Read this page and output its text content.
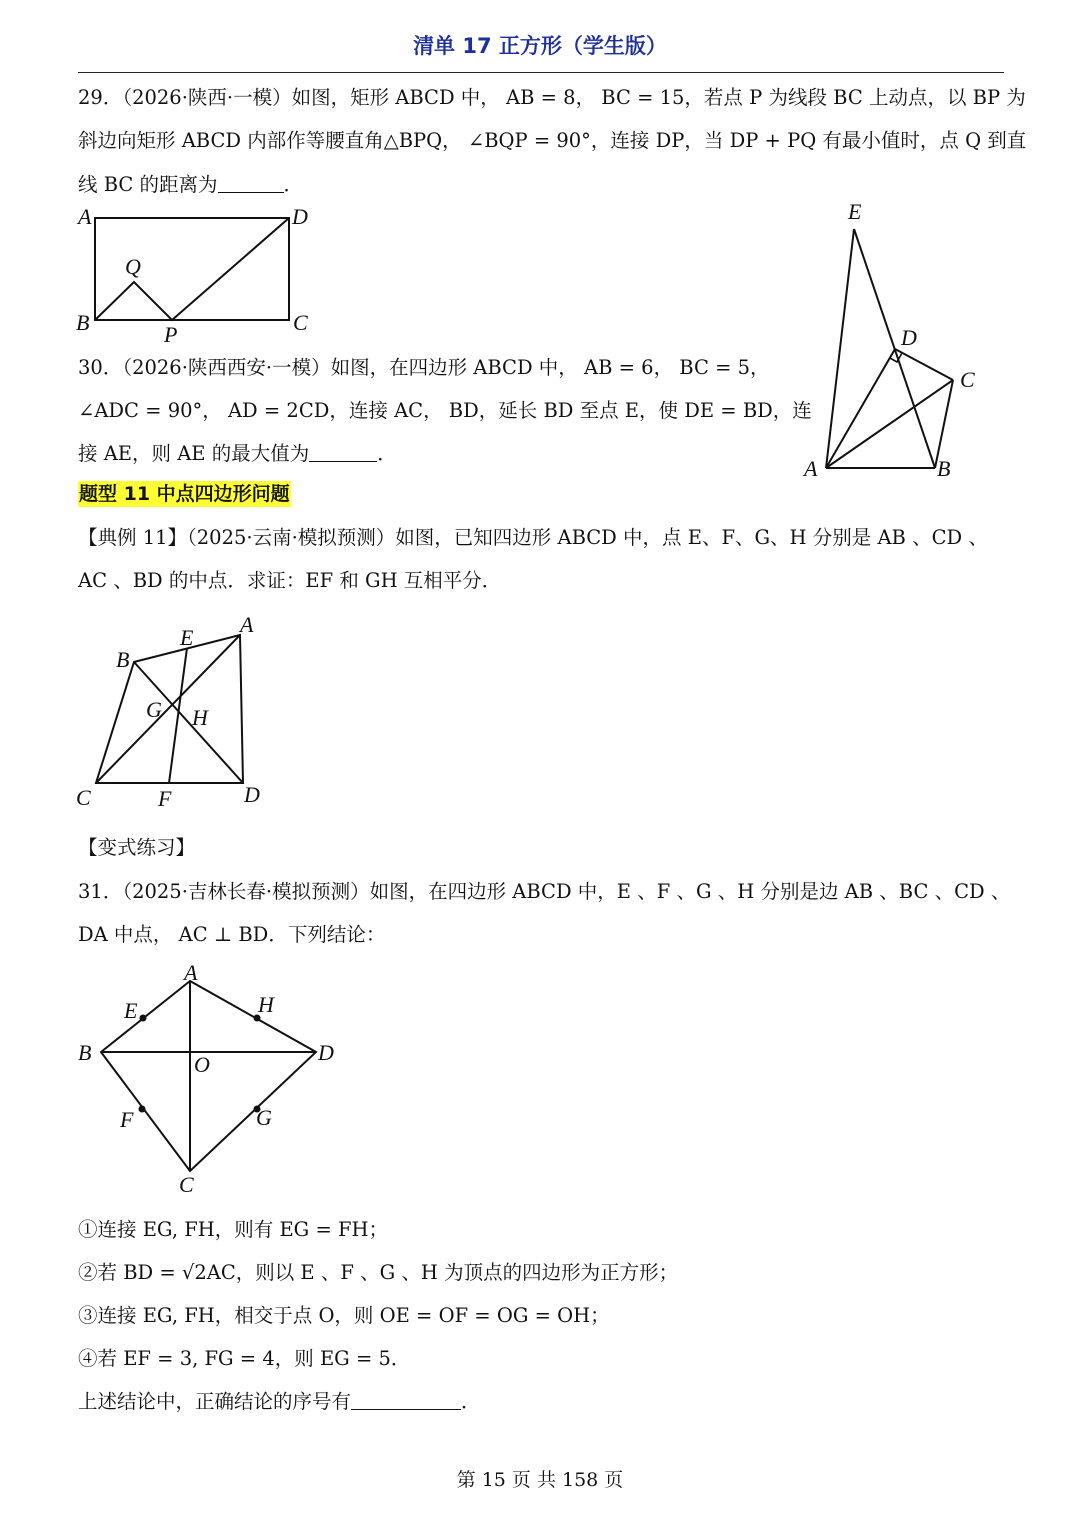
清单 17 正方形（学生版）
29．（2026·陕西·一模）如图，矩形 ABCD 中， AB = 8， BC = 15，若点 P 为线段 BC 上动点，以 BP 为
斜边向矩形 ABCD 内部作等腰直角△BPQ， ∠BQP = 90°，连接 DP，当 DP + PQ 有最小值时，点 Q 到直
线 BC 的距离为	．
A	D
B	C
P
Q
30．（2026·陕西西安·一模）如图，在四边形 ABCD 中， AB = 6， BC = 5，
∠ADC = 90°， AD = 2CD，连接 AC， BD，延长 BD 至点 E，使 DE = BD，连
接 AE，则 AE 的最大值为	．
E
D
C
A	B
题型 11 中点四边形问题
【典例 11】（2025·云南·模拟预测）如图，已知四边形 ABCD 中，点 E、F、G、H 分别是 AB 、CD 、
AC 、BD 的中点．求证：EF 和 GH 互相平分．
A
B
E
G H
C	F	D
【变式练习】
31．（2025·吉林长春·模拟预测）如图，在四边形 ABCD 中，E 、F 、G 、H 分别是边 AB 、BC 、CD 、
DA 中点， AC ⊥ BD．下列结论：
A
B	D
C
O
E	H
F	G
①连接 EG, FH，则有 EG = FH；
②若 BD = √2AC，则以 E 、F 、G 、H 为顶点的四边形为正方形；
③连接 EG, FH，相交于点 O，则 OE = OF = OG = OH；
④若 EF = 3, FG = 4，则 EG = 5．
上述结论中，正确结论的序号有	．
第 15 页 共 158 页
